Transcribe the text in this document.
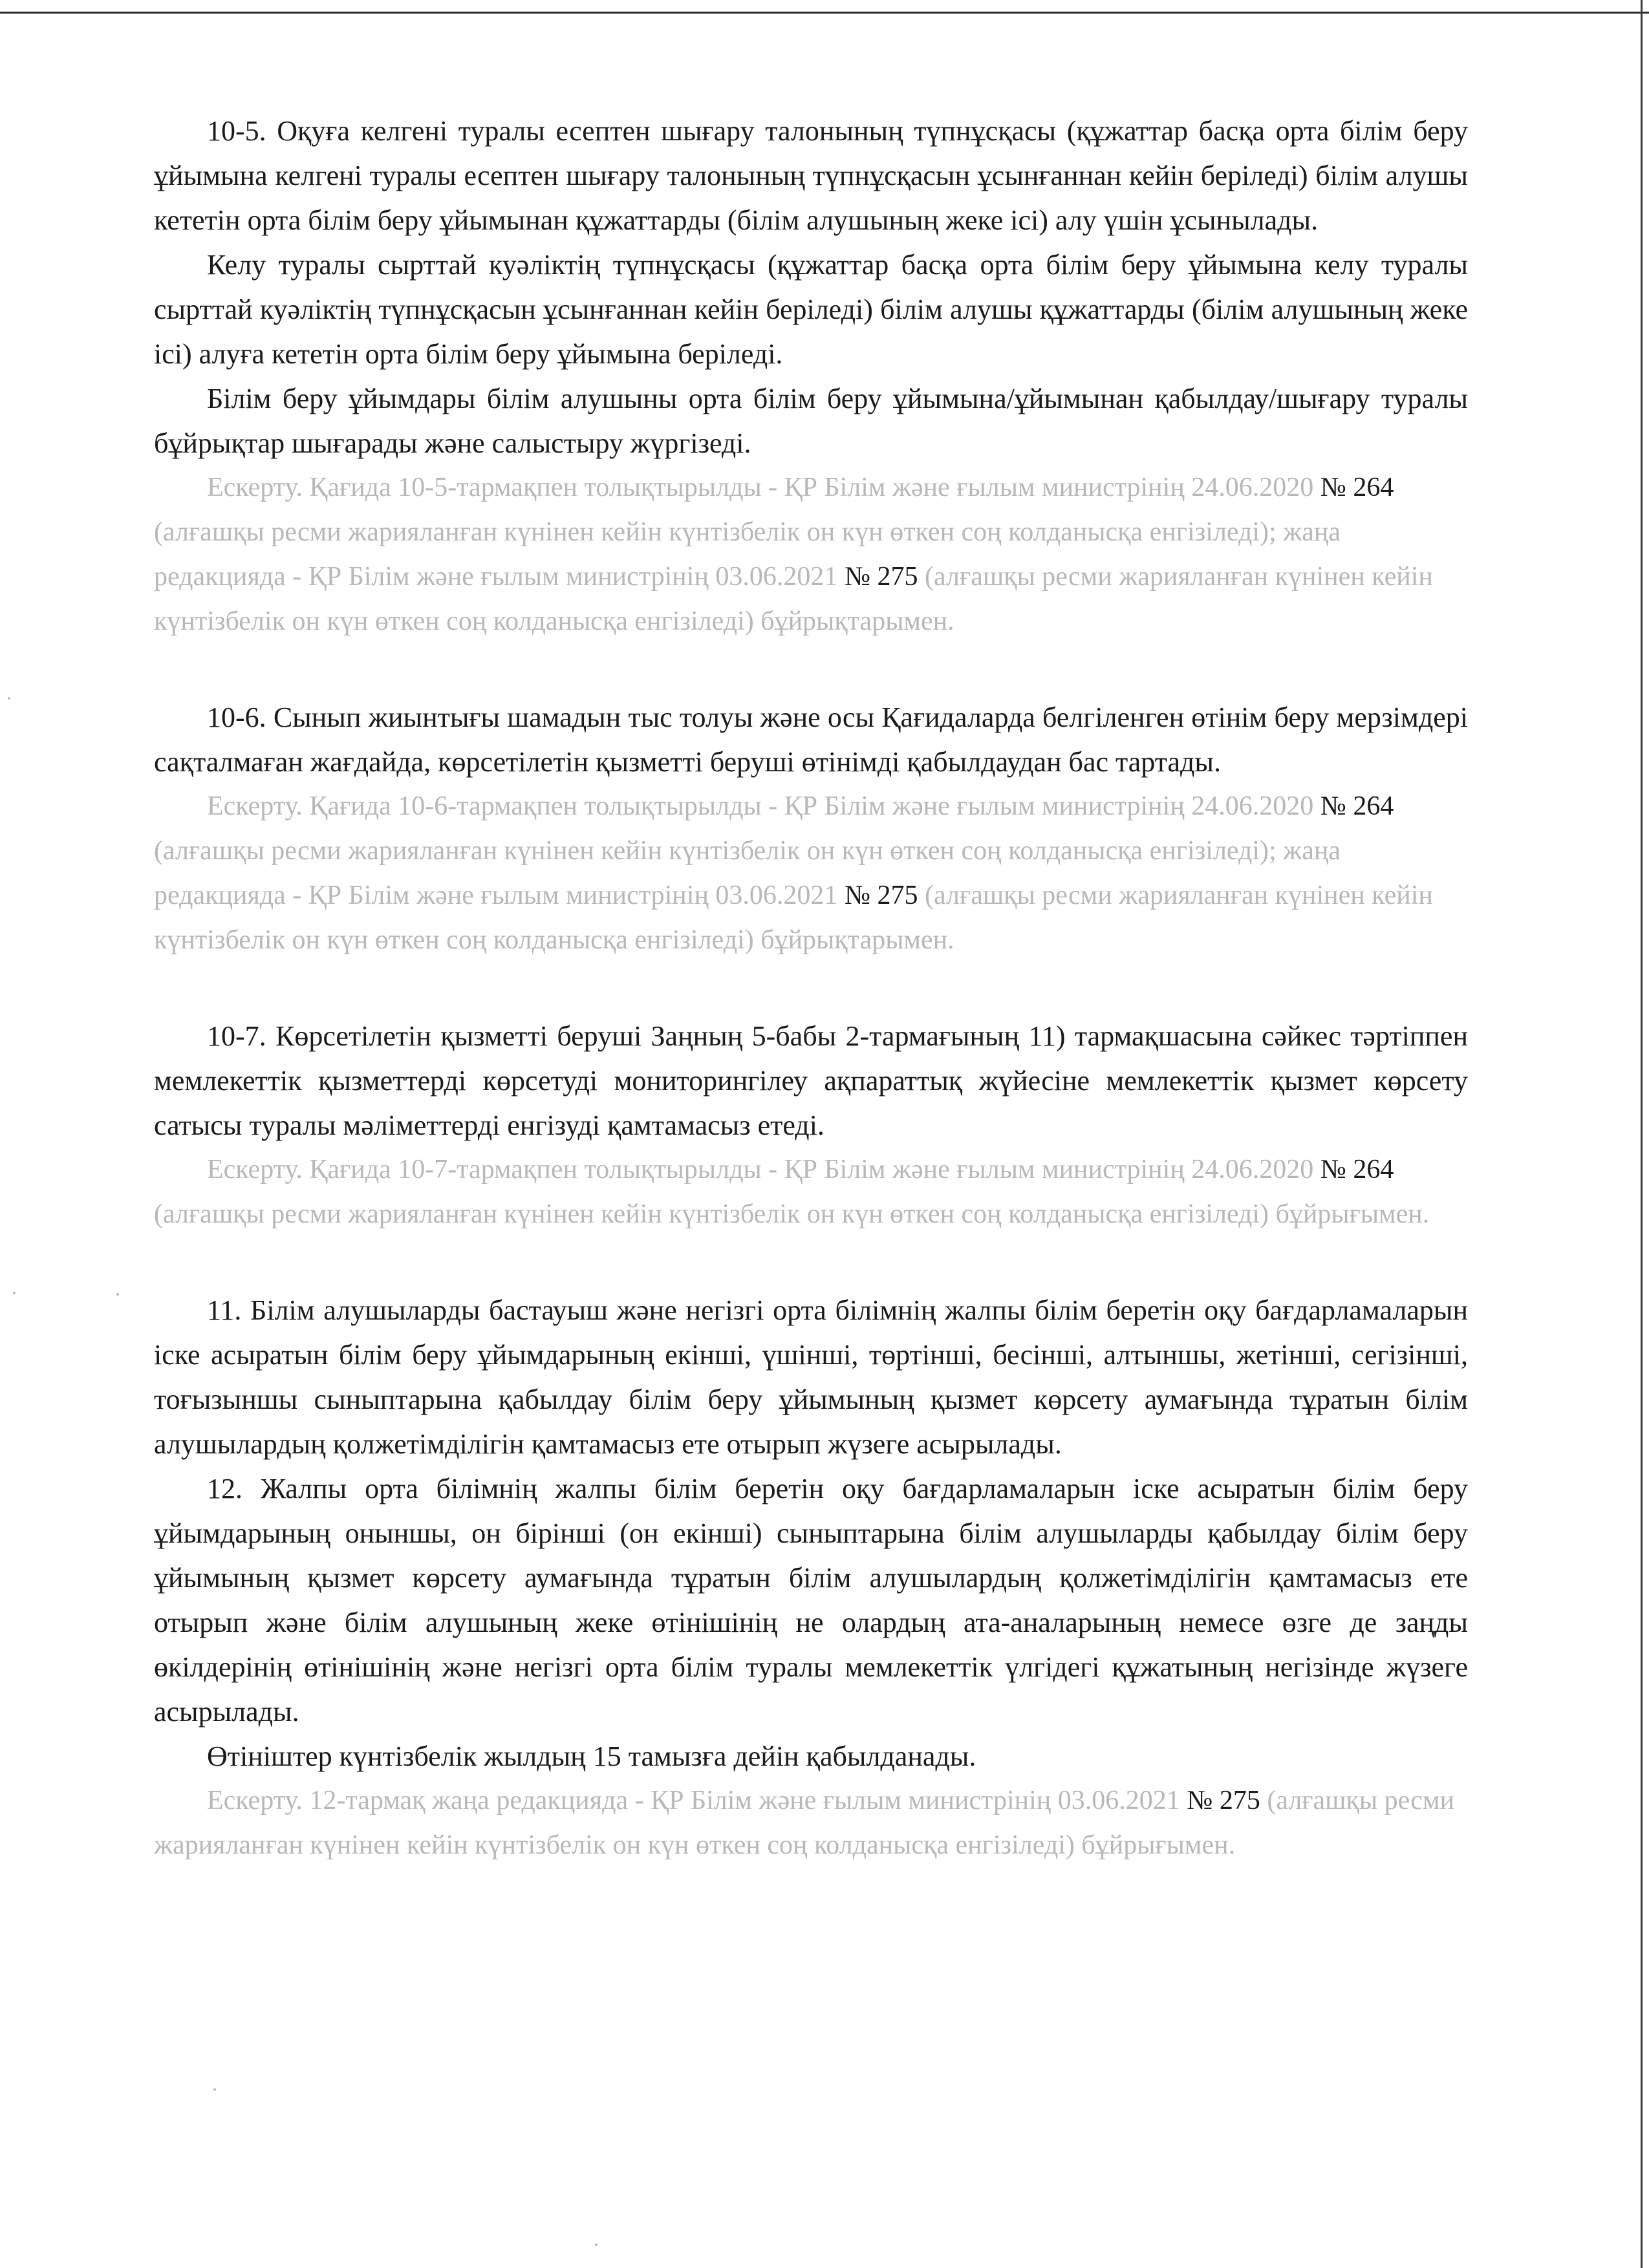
10-5. Оқуға келгені туралы есептен шығару талонының түпнұсқасы (құжаттар басқа орта білім беру ұйымына келгені туралы есептен шығару талонының түпнұсқасын ұсынғаннан кейін беріледі) білім алушы кететін орта білім беру ұйымынан құжаттарды (білім алушының жеке ісі) алу үшін ұсынылады.

Келу туралы сырттай куәліктің түпнұсқасы (құжаттар басқа орта білім беру ұйымына келу туралы сырттай куәліктің түпнұсқасын ұсынғаннан кейін беріледі) білім алушы құжаттарды (білім алушының жеке ісі) алуға кететін орта білім беру ұйымына беріледі.

Білім беру ұйымдары білім алушыны орта білім беру ұйымына/ұйымынан қабылдау/шығару туралы бұйрықтар шығарады және салыстыру жүргізеді.

Ескерту. Қағида 10-5-тармақпен толықтырылды - ҚР Білім және ғылым министрінің 24.06.2020 № 264 (алғашқы ресми жарияланған күнінен кейін күнтізбелік он күн өткен соң колданысқа енгізіледі); жаңа редакцияда - ҚР Білім және ғылым министрінің 03.06.2021 № 275 (алғашқы ресми жарияланған күнінен кейін күнтізбелік он күн өткен соң колданысқа енгізіледі) бұйрықтарымен.

10-6. Сынып жиынтығы шамадын тыс толуы және осы Қағидаларда белгіленген өтінім беру мерзімдері сақталмаған жағдайда, көрсетілетін қызметті беруші өтінімді қабылдаудан бас тартады.

Ескерту. Қағида 10-6-тармақпен толықтырылды - ҚР Білім және ғылым министрінің 24.06.2020 № 264 (алғашқы ресми жарияланған күнінен кейін күнтізбелік он күн өткен соң колданысқа енгізіледі); жаңа редакцияда - ҚР Білім және ғылым министрінің 03.06.2021 № 275 (алғашқы ресми жарияланған күнінен кейін күнтізбелік он күн өткен соң колданысқа енгізіледі) бұйрықтарымен.

10-7. Көрсетілетін қызметті беруші Заңның 5-бабы 2-тармағының 11) тармақшасына сәйкес тәртіппен мемлекеттік қызметтерді көрсетуді мониторингілеу ақпараттық жүйесіне мемлекеттік қызмет көрсету сатысы туралы мәліметтерді енгізуді қамтамасыз етеді.

Ескерту. Қағида 10-7-тармақпен толықтырылды - ҚР Білім және ғылым министрінің 24.06.2020 № 264 (алғашқы ресми жарияланған күнінен кейін күнтізбелік он күн өткен соң колданысқа енгізіледі) бұйрығымен.

11. Білім алушыларды бастауыш және негізгі орта білімнің жалпы білім беретін оқу бағдарламаларын іске асыратын білім беру ұйымдарының екінші, үшінші, төртінші, бесінші, алтыншы, жетінші, сегізінші, тоғызыншы сыныптарына қабылдау білім беру ұйымының қызмет көрсету аумағында тұратын білім алушылардың қолжетімділігін қамтамасыз ете отырып жүзеге асырылады.

12. Жалпы орта білімнің жалпы білім беретін оқу бағдарламаларын іске асыратын білім беру ұйымдарының оныншы, он бірінші (он екінші) сыныптарына білім алушыларды қабылдау білім беру ұйымының қызмет көрсету аумағында тұратын білім алушылардың қолжетімділігін қамтамасыз ете отырып және білім алушының жеке өтінішінің не олардың ата-аналарының немесе өзге де заңды өкілдерінің өтінішінің және негізгі орта білім туралы мемлекеттік үлгідегі құжатының негізінде жүзеге асырылады.

Өтініштер күнтізбелік жылдың 15 тамызға дейін қабылданады.

Ескерту. 12-тармақ жаңа редакцияда - ҚР Білім және ғылым министрінің 03.06.2021 № 275 (алғашқы ресми жарияланған күнінен кейін күнтізбелік он күн өткен соң колданысқа енгізіледі) бұйрығымен.
